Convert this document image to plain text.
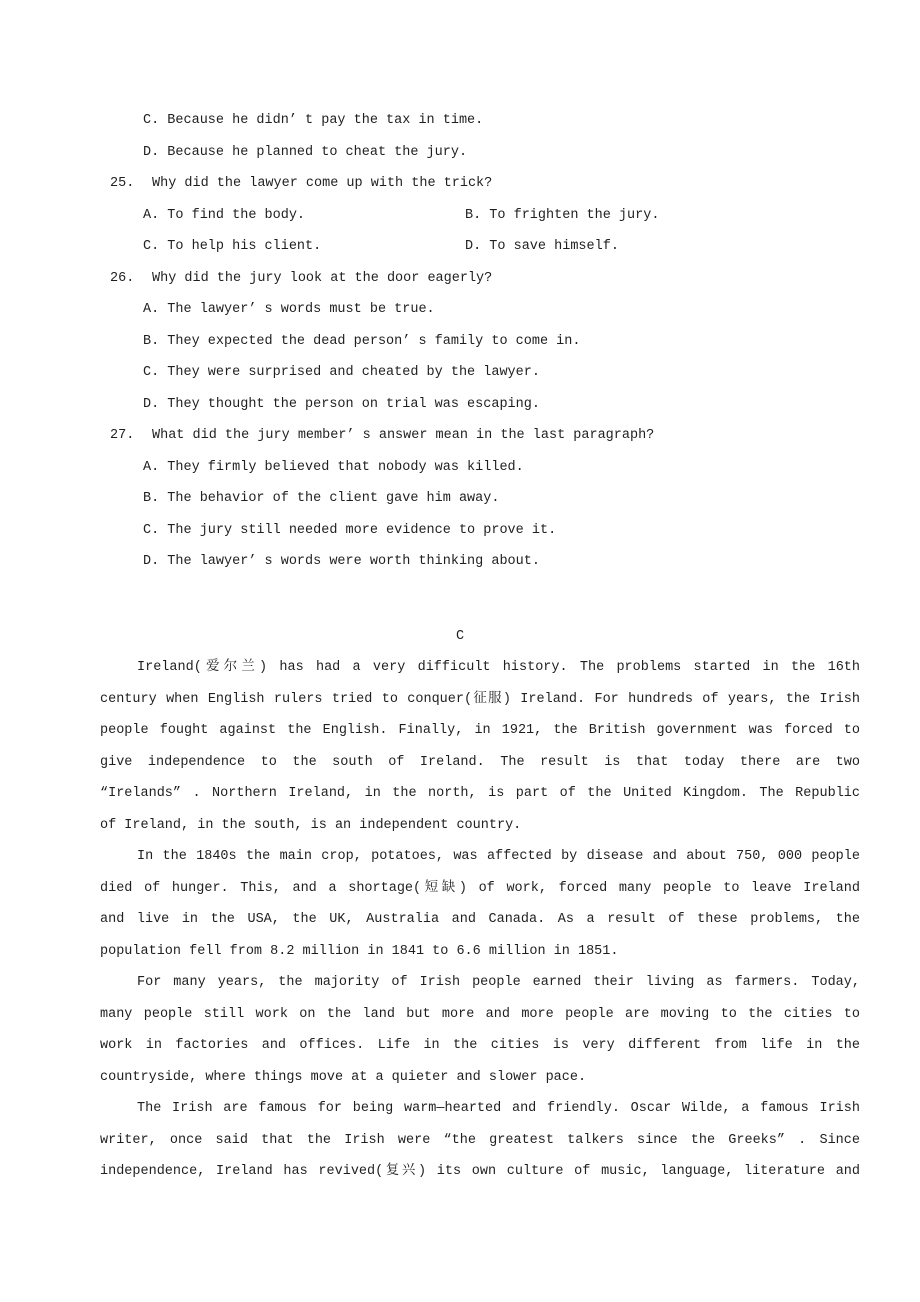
C. Because he didn’ t pay the tax in time.
D. Because he planned to cheat the jury.
25. Why did the lawyer come up with the trick?
A. To find the body.	B. To frighten the jury.
C. To help his client.	D. To save himself.
26. Why did the jury look at the door eagerly?
A. The lawyer’ s words must be true.
B. They expected the dead person’ s family to come in.
C. They were surprised and cheated by the lawyer.
D. They thought the person on trial was escaping.
27. What did the jury member’ s answer mean in the last paragraph?
A. They firmly believed that nobody was killed.
B. The behavior of the client gave him away.
C. The jury still needed more evidence to prove it.
D. The lawyer’ s words were worth thinking about.
C
Ireland(爱尔兰) has had a very difficult history. The problems started in the 16th
century when English rulers tried to conquer(征服) Ireland. For hundreds of years, the Irish
people fought against the English. Finally, in 1921, the British government was forced to
give independence to the south of Ireland. The result is that today there are two
“Irelands” . Northern Ireland, in the north, is part of the United Kingdom. The Republic
of Ireland, in the south, is an independent country.
In the 1840s the main crop, potatoes, was affected by disease and about 750, 000 people
died of hunger. This, and a shortage(短缺) of work, forced many people to leave Ireland
and live in the USA, the UK, Australia and Canada. As a result of these problems, the
population fell from 8.2 million in 1841 to 6.6 million in 1851.
For many years, the majority of Irish people earned their living as farmers. Today,
many people still work on the land but more and more people are moving to the cities to
work in factories and offices. Life in the cities is very different from life in the
countryside, where things move at a quieter and slower pace.
The Irish are famous for being warm—hearted and friendly. Oscar Wilde, a famous Irish
writer, once said that the Irish were “the greatest talkers since the Greeks” . Since
independence, Ireland has revived(复兴) its own culture of music, language, literature and
